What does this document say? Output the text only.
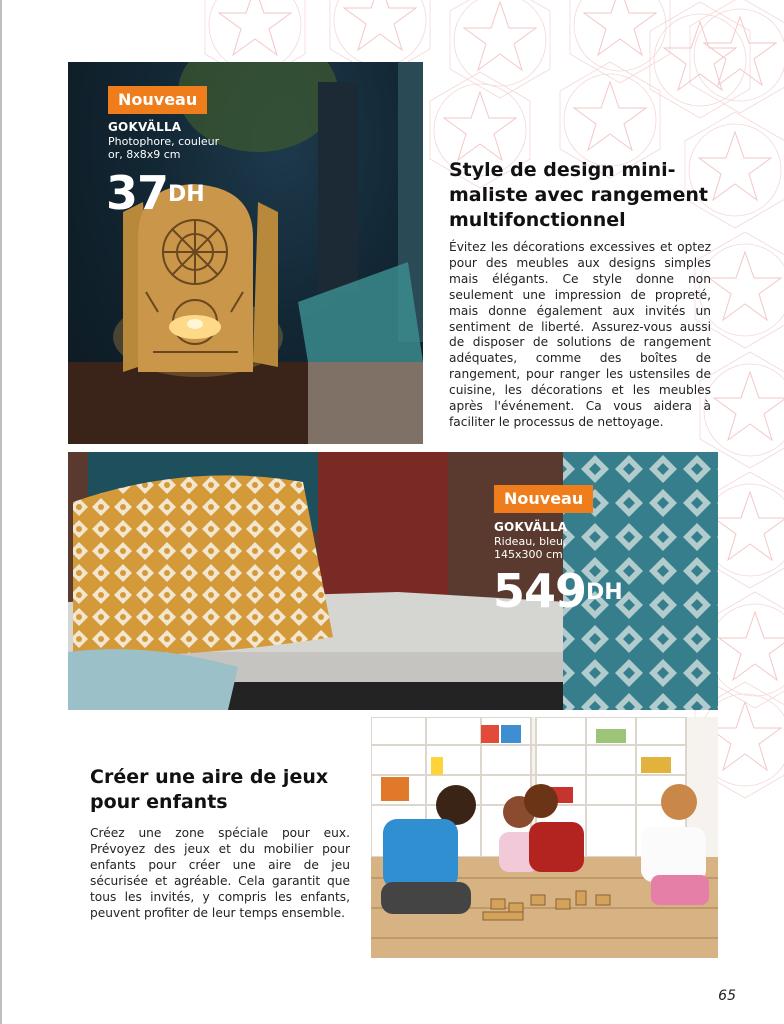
Nouveau
GOKVÄLLA
Photophore, couleur
or, 8x8x9 cm
$37^{DH}$
Style de design mini-
maliste avec rangement
multifonctionnel

Évitez les décorations excessives et optez pour des meubles aux designs simples mais élégants. Ce style donne non seulement une impression de propreté, mais donne également aux invités un sentiment de liberté. Assurez-vous aussi de disposer de solutions de rangement adéquates, comme des boîtes de rangement, pour ranger les ustensiles de cuisine, les décorations et les meubles après l'événement. Ca vous aidera à faciliter le processus de nettoyage.

Nouveau
GOKVÄLLA
Rideau, bleu,
145x300 cm
$549^{DH}$
Créer une aire de jeux
pour enfants

Créez une zone spéciale pour eux. Prévoyez des jeux et du mobilier pour enfants pour créer une aire de jeu sécurisée et agréable. Cela garantit que tous les invités, y compris les enfants, peuvent profiter de leur temps ensemble.

65
